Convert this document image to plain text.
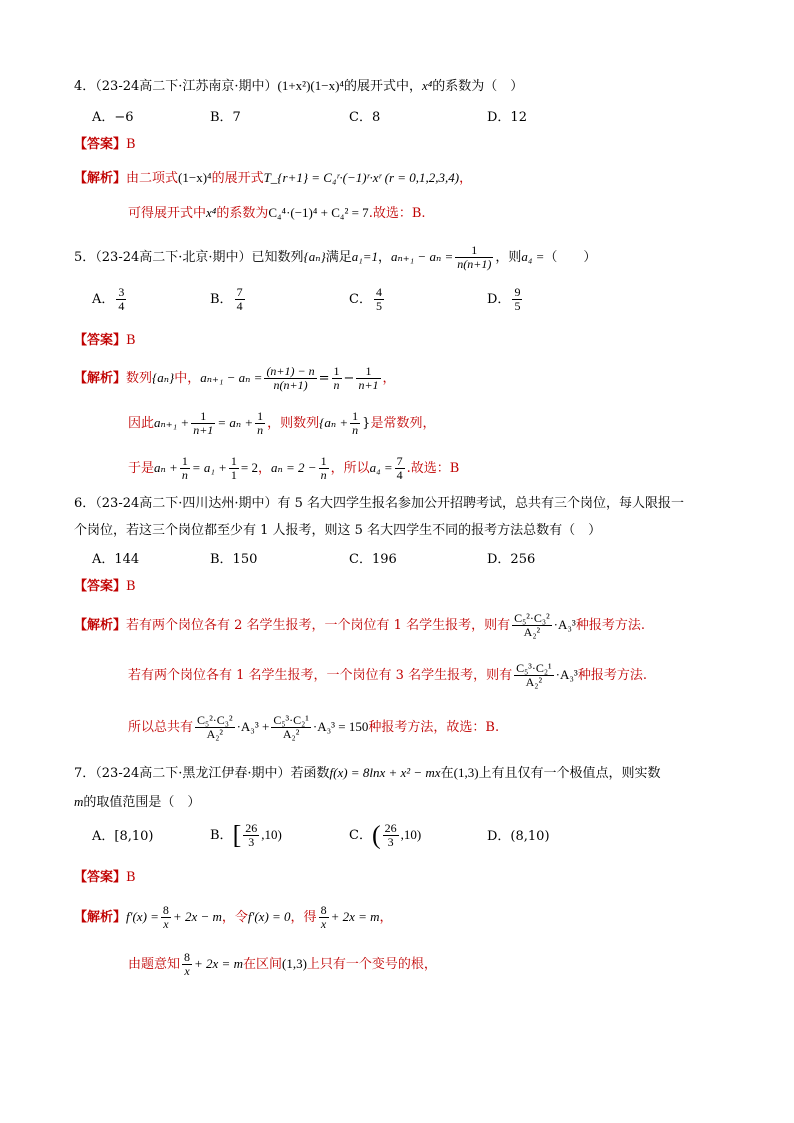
4．（23-24高二下·江苏南京·期中）(1+x²)(1−x)⁴的展开式中，x⁴的系数为（　）
A．−6	B．7	C．8	D．12
【答案】B
【解析】由二项式(1−x)⁴的展开式T_{r+1} = C₄ʳ·(−1)ʳ·xʳ (r = 0,1,2,3,4)，
可得展开式中x⁴的系数为C₄⁴·(−1)⁴ + C₄² = 7.故选：B.
5．（23-24高二下·北京·期中）已知数列{aₙ}满足a₁=1，$a_{n+1} - a_n = \frac{1}{n(n+1)}$ ，则a₄ =（　　）
A． $\frac{3}{4}$	B． $\frac{7}{4}$	C． $\frac{4}{5}$	D． $\frac{9}{5}$
【答案】B
【解析】数列{aₙ}中，$a_{n+1} - a_n = \frac{(n+1) - n}{n(n+1)} = \frac{1}{n} - \frac{1}{n+1}$ ，
因此$a_{n+1} + \frac{1}{n+1} = a_n + \frac{1}{n}$ ，则数列{$a_n + \frac{1}{n}$ }是常数列，
于是$a_n + \frac{1}{n} = a_1 + \frac{1}{1} = 2$，$a_n = 2 - \frac{1}{n}$ ，所以$a_4 = \frac{7}{4}$ .故选：B
6．（23-24高二下·四川达州·期中）有 5 名大四学生报名参加公开招聘考试，总共有三个岗位，每人限报一
个岗位，若这三个岗位都至少有 1 人报考，则这 5 名大四学生不同的报考方法总数有（　）
A．144	B．150	C．196	D．256
【答案】B
【解析】若有两个岗位各有 2 名学生报考，一个岗位有 1 名学生报考，则有 $\frac{\text{C₅²·C₃²}}{\text{A₂²}} \cdot A_3^3$种报考方法.
若有两个岗位各有 1 名学生报考，一个岗位有 3 名学生报考，则有 $\frac{\text{C₅³·C₂¹}}{\text{A₂²}} \cdot A_3^3$种报考方法.
所以总共有 $\frac{\text{C₅²·C₃²}}{\text{A₂²}} \cdot A_3^3 + \frac{\text{C₅³·C₂¹}}{\text{A₂²}} \cdot A_3^3 = 150$种报考方法，故选：B.
7．（23-24高二下·黑龙江伊春·期中）若函数f(x) = 8lnx + x² − mx在(1,3)上有且仅有一个极值点，则实数
m的取值范围是（　）
A．[8,10)	B．[ $\frac{26}{3} ,10$)	C．( $\frac{26}{3} ,10$)	D．(8,10)
【答案】B
【解析】$f'(x) = \frac{8}{x} + 2x - m$，令f′(x) = 0，得 $\frac{8}{x} + 2x = m$，
由题意知 $\frac{8}{x} + 2x = m$在区间(1,3)上只有一个变号的根，
